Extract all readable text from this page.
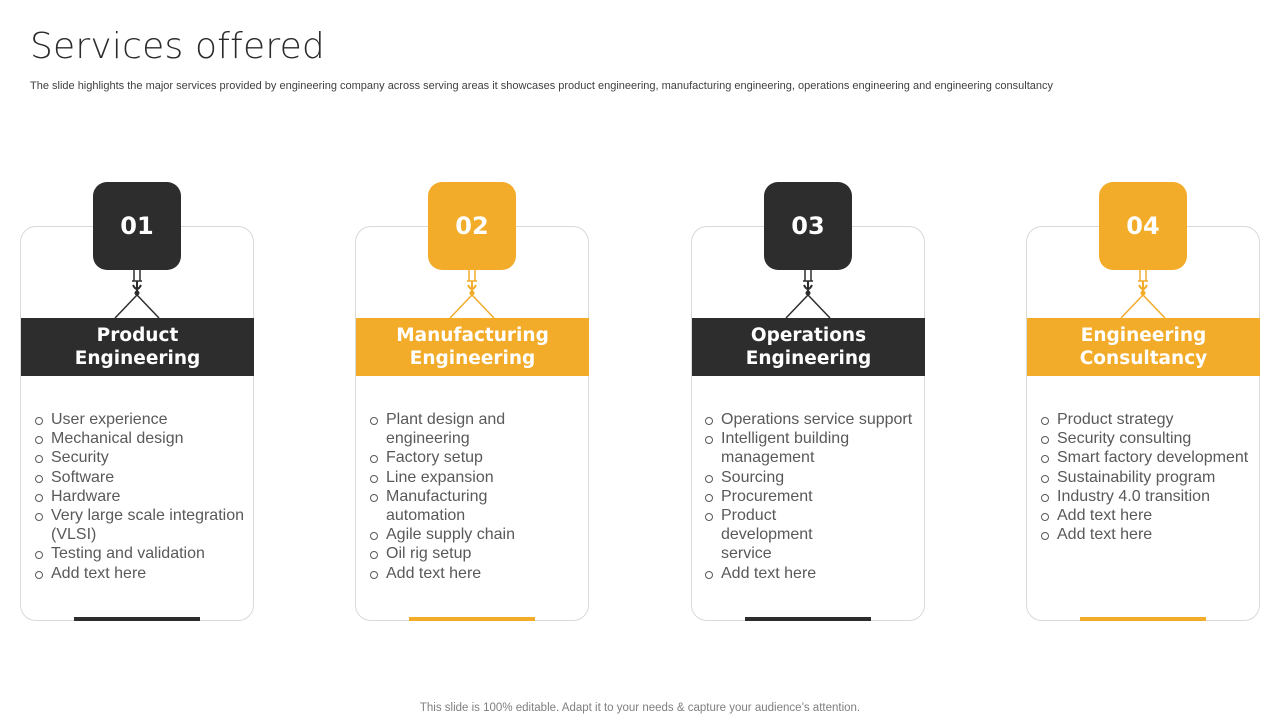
Services offered
The slide highlights the major services provided by engineering company across serving areas it showcases product engineering, manufacturing engineering, operations engineering and engineering consultancy
01
Product
Engineering
User experience
Mechanical design
Security
Software
Hardware
Very large scale integration (VLSI)
Testing and validation
Add text here
02
Manufacturing
Engineering
Plant design and engineering
Factory setup
Line expansion
Manufacturing automation
Agile supply chain
Oil rig setup
Add text here
03
Operations
Engineering
Operations service support
Intelligent building management
Sourcing
Procurement
Product development service
Add text here
04
Engineering
Consultancy
Product strategy
Security consulting
Smart factory development
Sustainability program
Industry 4.0 transition
Add text here
Add text here
This slide is 100% editable. Adapt it to your needs & capture your audience’s attention.
